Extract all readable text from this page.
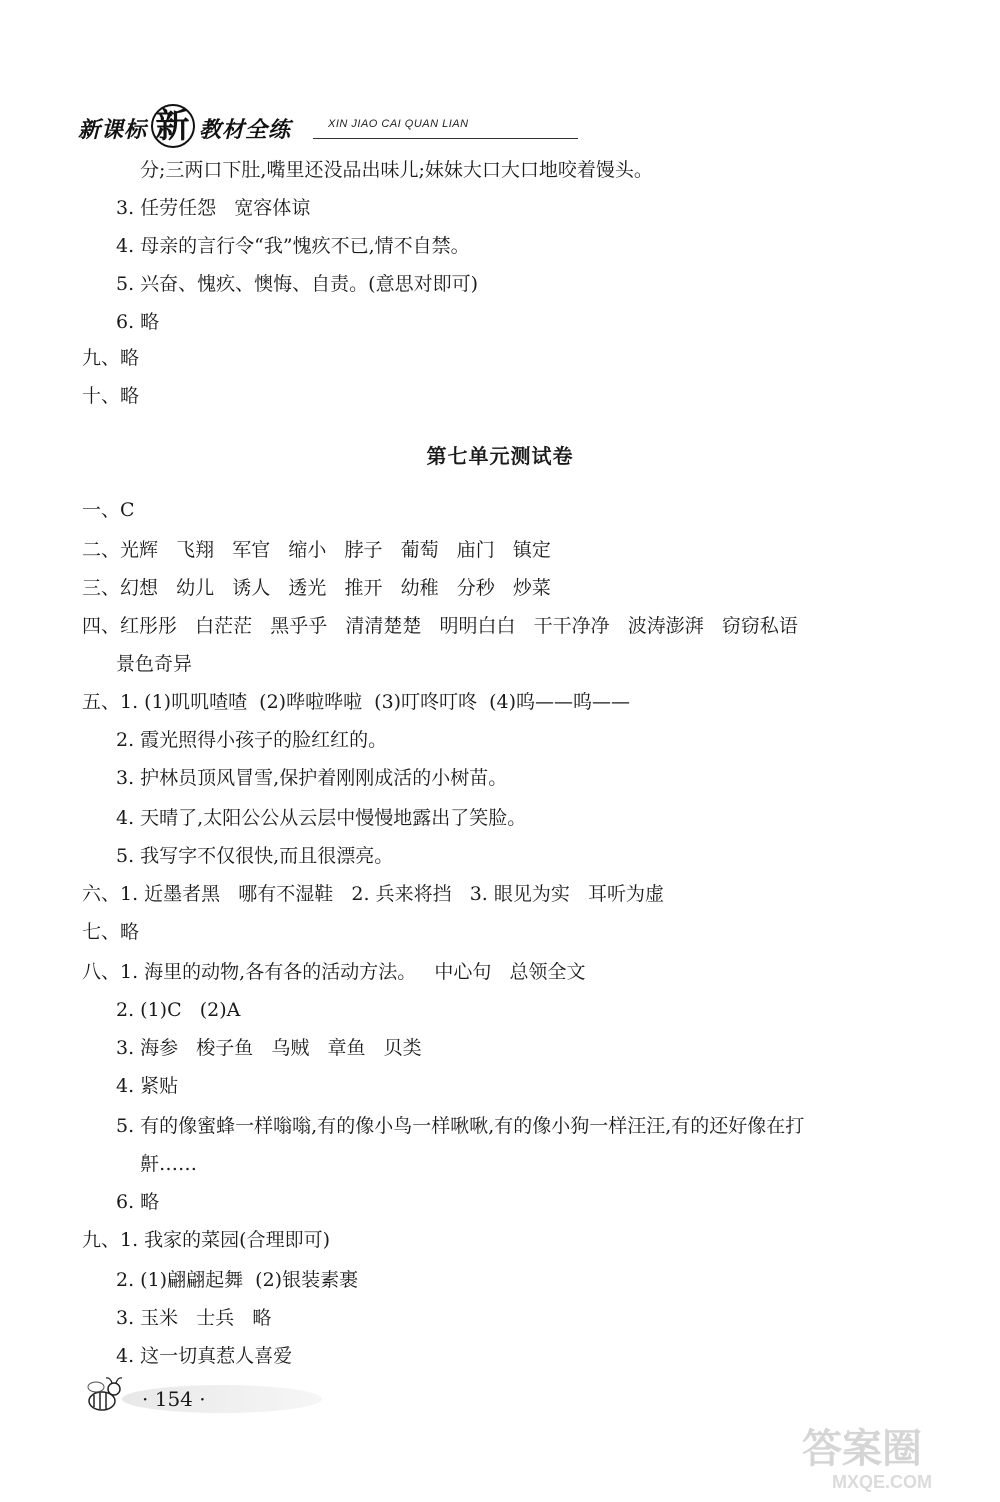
新课标 新 教材全练	XIN JIAO CAI QUAN LIAN
分;三两口下肚,嘴里还没品出味儿;妹妹大口大口地咬着馒头。
3. 任劳任怨   宽容体谅
4. 母亲的言行令“我”愧疚不已,情不自禁。
5. 兴奋、愧疚、懊悔、自责。(意思对即可)
6. 略
九、略
十、略
第七单元测试卷
一、C
二、光辉   飞翔   军官   缩小   脖子   葡萄   庙门   镇定
三、幻想   幼儿   诱人   透光   推开   幼稚   分秒   炒菜
四、红彤彤   白茫茫   黑乎乎   清清楚楚   明明白白   干干净净   波涛澎湃   窃窃私语
景色奇异
五、1. (1)叽叽喳喳  (2)哗啦哗啦  (3)叮咚叮咚  (4)呜——呜——
2. 霞光照得小孩子的脸红红的。
3. 护林员顶风冒雪,保护着刚刚成活的小树苗。
4. 天晴了,太阳公公从云层中慢慢地露出了笑脸。
5. 我写字不仅很快,而且很漂亮。
六、1. 近墨者黑   哪有不湿鞋   2. 兵来将挡   3. 眼见为实   耳听为虚
七、略
八、1. 海里的动物,各有各的活动方法。   中心句   总领全文
2. (1)C   (2)A
3. 海参   梭子鱼   乌贼   章鱼   贝类
4. 紧贴
5. 有的像蜜蜂一样嗡嗡,有的像小鸟一样啾啾,有的像小狗一样汪汪,有的还好像在打
鼾……
6. 略
九、1. 我家的菜园(合理即可)
2. (1)翩翩起舞  (2)银装素裹
3. 玉米   士兵   略
4. 这一切真惹人喜爱
· 154 ·
答案圈
MXQE.COM
